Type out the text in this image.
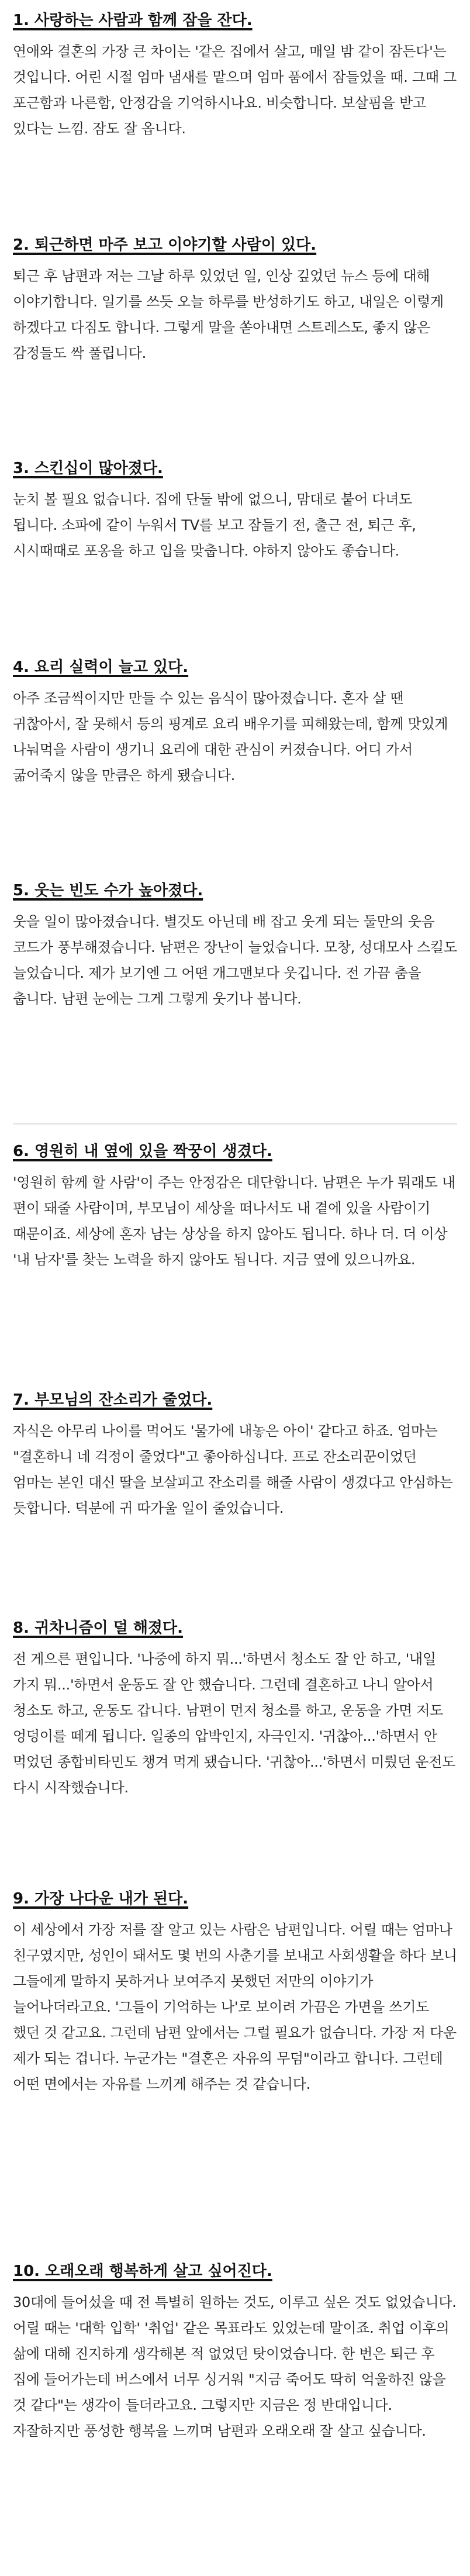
1. 사랑하는 사람과 함께 잠을 잔다.

연애와 결혼의 가장 큰 차이는 '같은 집에서 살고, 매일 밤 같이 잠든다'는 것입니다. 어린 시절 엄마 냄새를 맡으며 엄마 품에서 잠들었을 때. 그때 그 포근함과 나른함, 안정감을 기억하시나요. 비슷합니다. 보살핌을 받고 있다는 느낌. 잠도 잘 옵니다.

2. 퇴근하면 마주 보고 이야기할 사람이 있다.

퇴근 후 남편과 저는 그날 하루 있었던 일, 인상 깊었던 뉴스 등에 대해 이야기합니다. 일기를 쓰듯 오늘 하루를 반성하기도 하고, 내일은 이렇게 하겠다고 다짐도 합니다. 그렇게 말을 쏟아내면 스트레스도, 좋지 않은 감정들도 싹 풀립니다.

3. 스킨십이 많아졌다.

눈치 볼 필요 없습니다. 집에 단둘 밖에 없으니, 맘대로 붙어 다녀도 됩니다. 소파에 같이 누워서 TV를 보고 잠들기 전, 출근 전, 퇴근 후, 시시때때로 포옹을 하고 입을 맞춥니다. 야하지 않아도 좋습니다.

4. 요리 실력이 늘고 있다.

아주 조금씩이지만 만들 수 있는 음식이 많아졌습니다. 혼자 살 땐 귀찮아서, 잘 못해서 등의 핑계로 요리 배우기를 피해왔는데, 함께 맛있게 나눠먹을 사람이 생기니 요리에 대한 관심이 커졌습니다. 어디 가서 굶어죽지 않을 만큼은 하게 됐습니다.

5. 웃는 빈도 수가 높아졌다.

웃을 일이 많아졌습니다. 별것도 아닌데 배 잡고 웃게 되는 둘만의 웃음 코드가 풍부해졌습니다. 남편은 장난이 늘었습니다. 모창, 성대모사 스킬도 늘었습니다. 제가 보기엔 그 어떤 개그맨보다 웃깁니다. 전 가끔 춤을 춥니다. 남편 눈에는 그게 그렇게 웃기나 봅니다.

6. 영원히 내 옆에 있을 짝꿍이 생겼다.

'영원히 함께 할 사람'이 주는 안정감은 대단합니다. 남편은 누가 뭐래도 내 편이 돼줄 사람이며, 부모님이 세상을 떠나서도 내 곁에 있을 사람이기 때문이죠. 세상에 혼자 남는 상상을 하지 않아도 됩니다. 하나 더. 더 이상 '내 남자'를 찾는 노력을 하지 않아도 됩니다. 지금 옆에 있으니까요.

7. 부모님의 잔소리가 줄었다.

자식은 아무리 나이를 먹어도 '물가에 내놓은 아이' 같다고 하죠. 엄마는 "결혼하니 네 걱정이 줄었다"고 좋아하십니다. 프로 잔소리꾼이었던 엄마는 본인 대신 딸을 보살피고 잔소리를 해줄 사람이 생겼다고 안심하는 듯합니다. 덕분에 귀 따가울 일이 줄었습니다.

8. 귀차니즘이 덜 해졌다.

전 게으른 편입니다. '나중에 하지 뭐...'하면서 청소도 잘 안 하고, '내일 가지 뭐...'하면서 운동도 잘 안 했습니다. 그런데 결혼하고 나니 알아서 청소도 하고, 운동도 갑니다. 남편이 먼저 청소를 하고, 운동을 가면 저도 엉덩이를 떼게 됩니다. 일종의 압박인지, 자극인지. '귀찮아...'하면서 안 먹었던 종합비타민도 챙겨 먹게 됐습니다. '귀찮아...'하면서 미뤘던 운전도 다시 시작했습니다.

9. 가장 나다운 내가 된다.

이 세상에서 가장 저를 잘 알고 있는 사람은 남편입니다. 어릴 때는 엄마나 친구였지만, 성인이 돼서도 몇 번의 사춘기를 보내고 사회생활을 하다 보니 그들에게 말하지 못하거나 보여주지 못했던 저만의 이야기가 늘어나더라고요. '그들이 기억하는 나'로 보이려 가끔은 가면을 쓰기도 했던 것 같고요. 그런데 남편 앞에서는 그럴 필요가 없습니다. 가장 저 다운 제가 되는 겁니다. 누군가는 "결혼은 자유의 무덤"이라고 합니다. 그런데 어떤 면에서는 자유를 느끼게 해주는 것 같습니다.

10. 오래오래 행복하게 살고 싶어진다.

30대에 들어섰을 때 전 특별히 원하는 것도, 이루고 싶은 것도 없었습니다. 어릴 때는 '대학 입학' '취업' 같은 목표라도 있었는데 말이죠. 취업 이후의 삶에 대해 진지하게 생각해본 적 없었던 탓이었습니다. 한 번은 퇴근 후 집에 들어가는데 버스에서 너무 싱거워 "지금 죽어도 딱히 억울하진 않을 것 같다"는 생각이 들더라고요. 그렇지만 지금은 정 반대입니다. 자잘하지만 풍성한 행복을 느끼며 남편과 오래오래 잘 살고 싶습니다.
